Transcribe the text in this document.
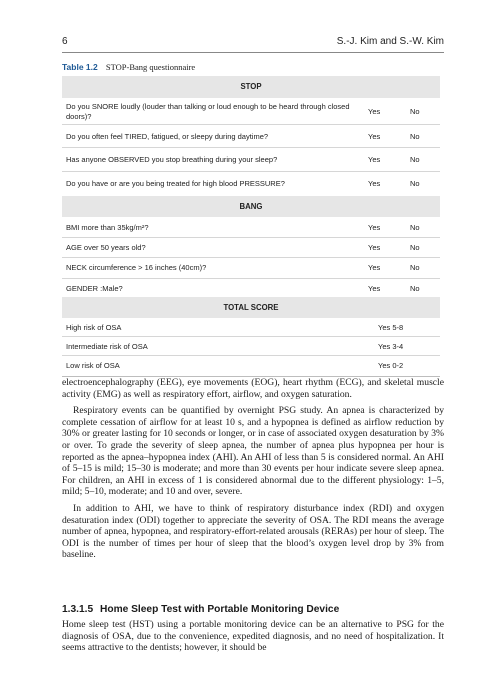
6	S.-J. Kim and S.-W. Kim
Table 1.2 STOP-Bang questionnaire
STOP
Do you SNORE loudly (louder than talking or loud enough to be heard through closed doors)?	Yes	No
Do you often feel TIRED, fatigued, or sleepy during daytime?	Yes	No
Has anyone OBSERVED you stop breathing during your sleep?	Yes	No
Do you have or are you being treated for high blood PRESSURE?	Yes	No
BANG
BMI more than 35kg/m²?	Yes	No
AGE over 50 years old?	Yes	No
NECK circumference > 16 inches (40cm)?	Yes	No
GENDER :Male?	Yes	No
TOTAL SCORE
High risk of OSA	Yes 5-8
Intermediate risk of OSA	Yes 3-4
Low risk of OSA	Yes 0-2

electroencephalography (EEG), eye movements (EOG), heart rhythm (ECG), and skeletal muscle activity (EMG) as well as respiratory effort, airflow, and oxygen saturation.

Respiratory events can be quantified by overnight PSG study. An apnea is characterized by complete cessation of airflow for at least 10 s, and a hypopnea is defined as airflow reduction by 30% or greater lasting for 10 seconds or longer, or in case of associated oxygen desaturation by 3% or over. To grade the severity of sleep apnea, the number of apnea plus hypopnea per hour is reported as the apnea–hypopnea index (AHI). An AHI of less than 5 is considered normal. An AHI of 5–15 is mild; 15–30 is moderate; and more than 30 events per hour indicate severe sleep apnea. For children, an AHI in excess of 1 is considered abnormal due to the different physiology: 1–5, mild; 5–10, moderate; and 10 and over, severe.

In addition to AHI, we have to think of respiratory disturbance index (RDI) and oxygen desaturation index (ODI) together to appreciate the severity of OSA. The RDI means the average number of apnea, hypopnea, and respiratory-effort-related arousals (RERAs) per hour of sleep. The ODI is the number of times per hour of sleep that the blood’s oxygen level drop by 3% from baseline.

1.3.1.5 Home Sleep Test with Portable Monitoring Device

Home sleep test (HST) using a portable monitoring device can be an alternative to PSG for the diagnosis of OSA, due to the convenience, expedited diagnosis, and no need of hospitalization. It seems attractive to the dentists; however, it should be
